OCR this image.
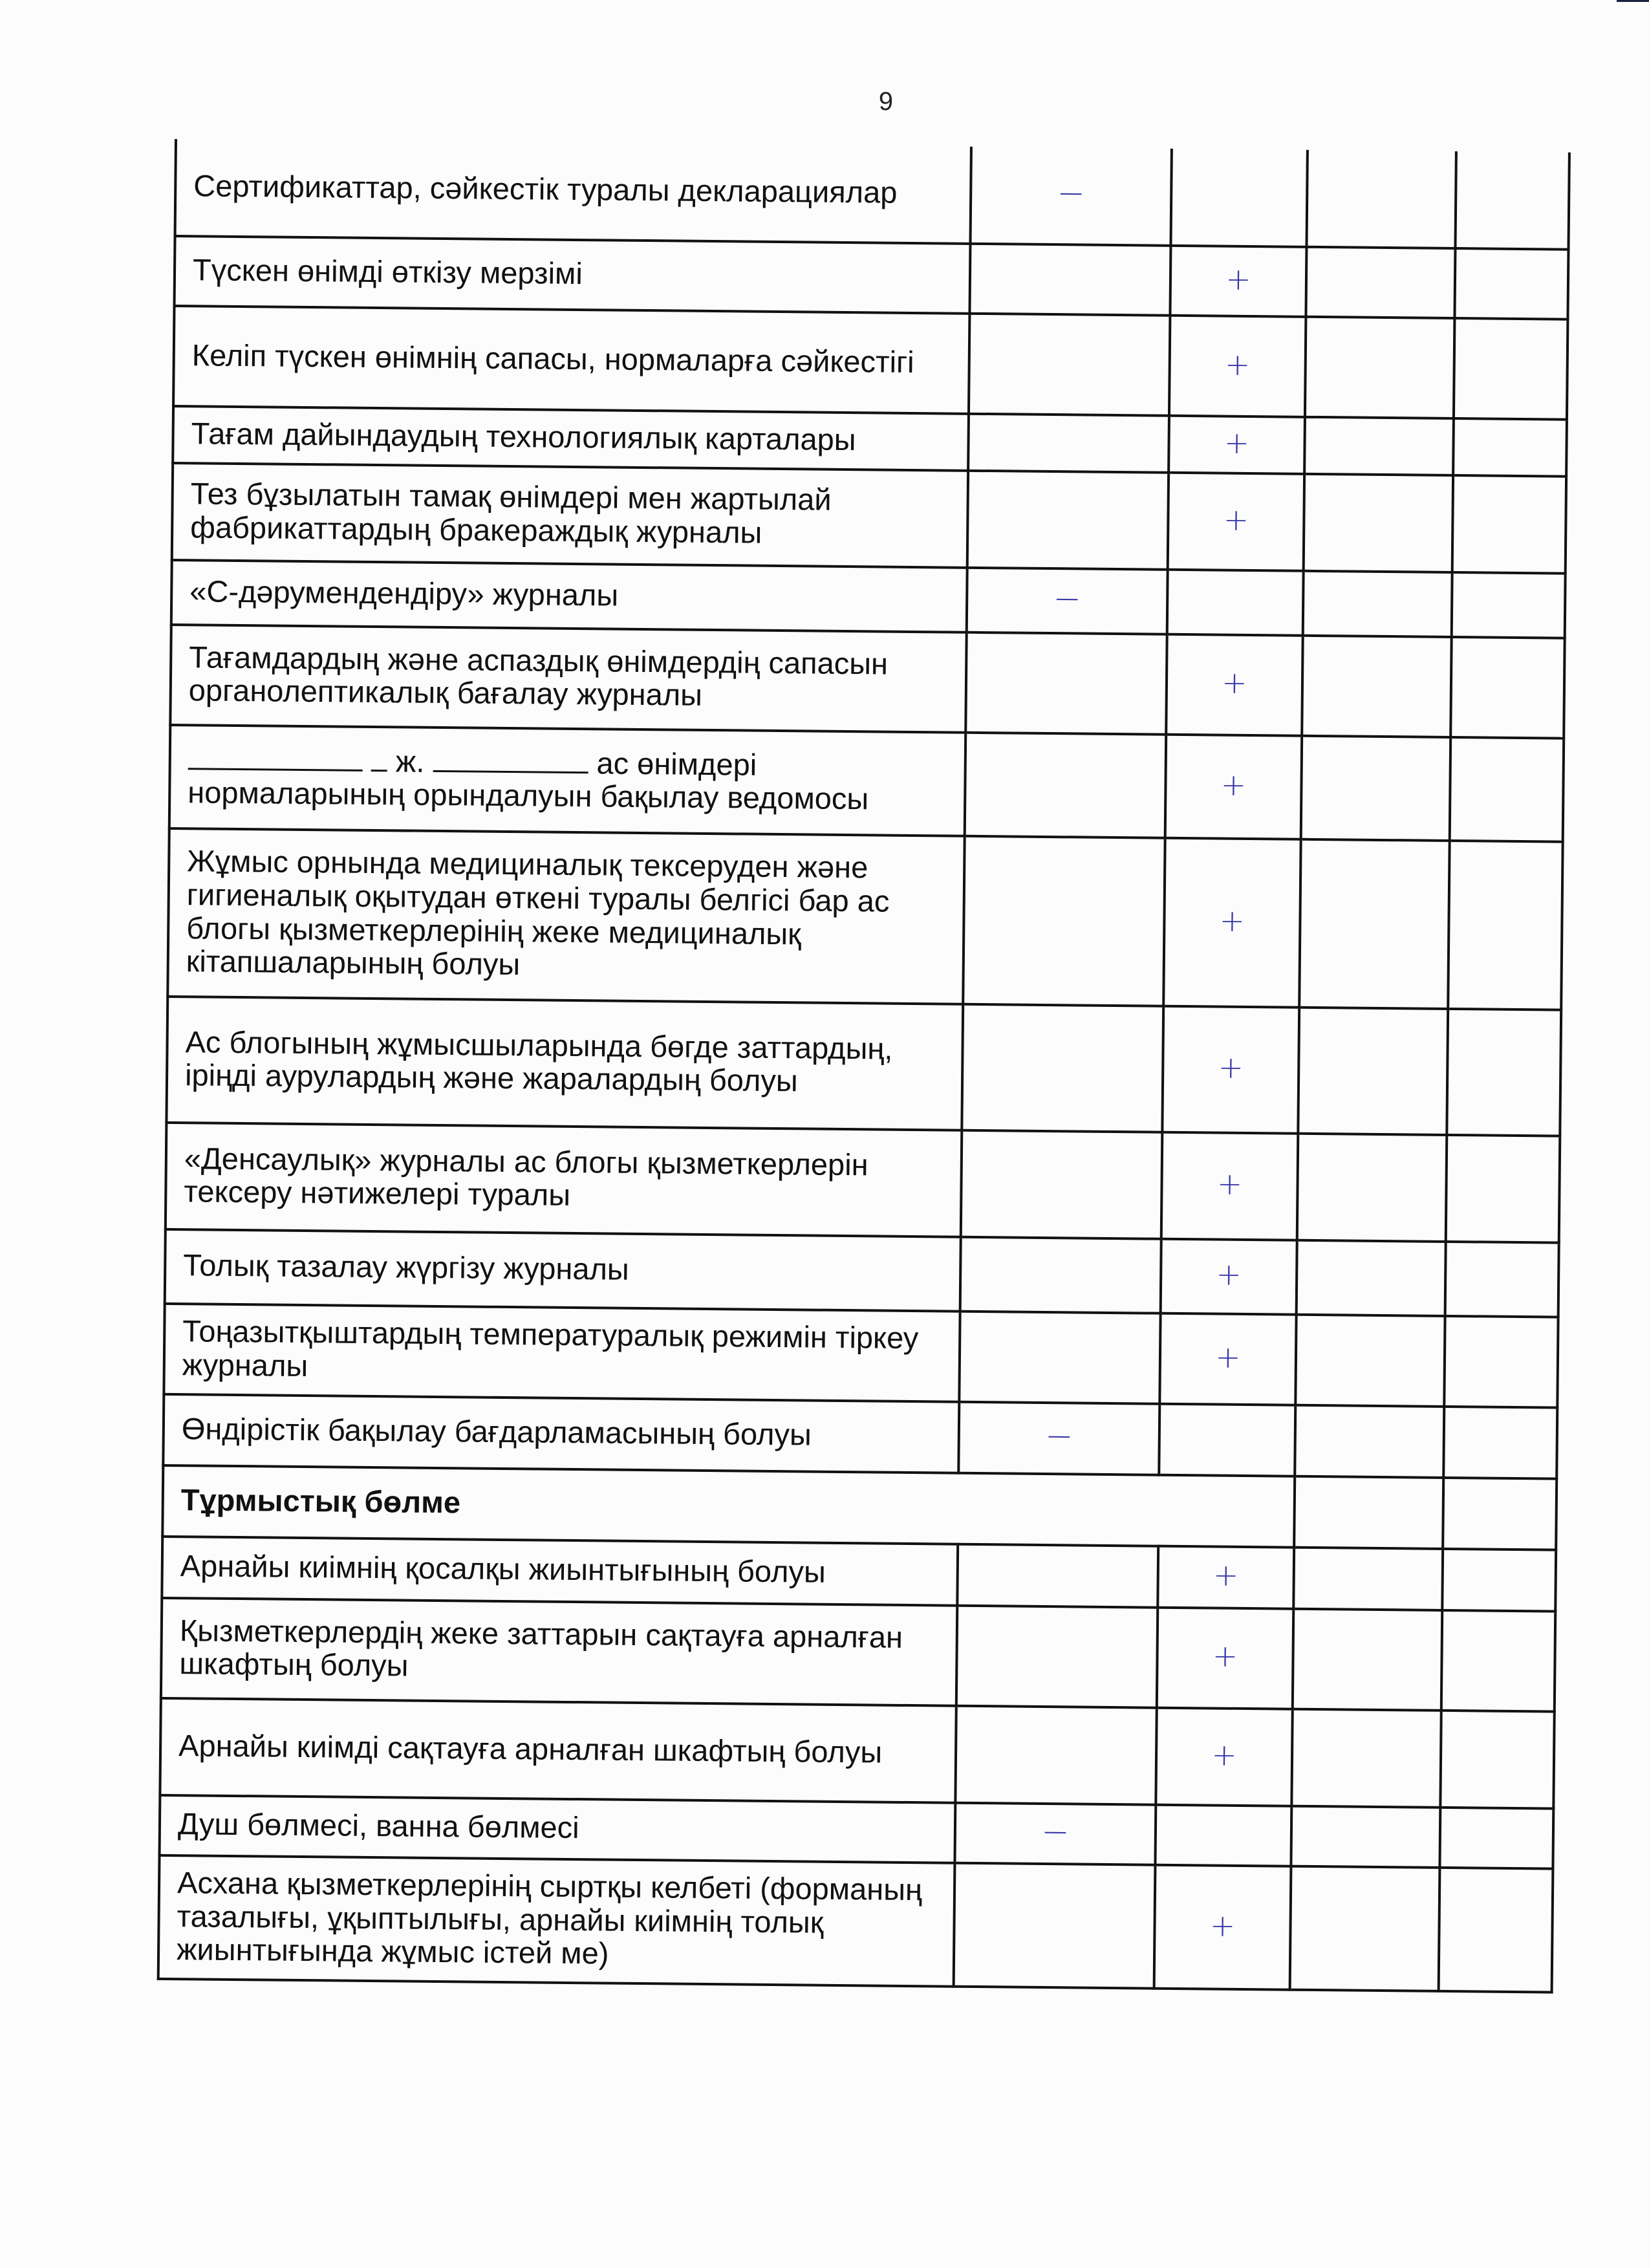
9
Сертификаттар, сәйкестік туралы декларациялар	−			
Түскен өнімді өткізу мерзімі		+		
Келіп түскен өнімнің сапасы, нормаларға сәйкестігі		+		
Тағам дайындаудың технологиялық карталары		+		
Тез бұзылатын тамақ өнімдері мен жартылай фабрикаттардың бракераждық журналы		+		
«С-дәрумендендіру» журналы	−			
Тағамдардың және аспаздық өнімдердің сапасын органолептикалық бағалау журналы		+		
ж. ас өнімдері
нормаларының орындалуын бақылау ведомосы		+		
Жұмыс орнында медициналық тексеруден және гигиеналық оқытудан өткені туралы белгісі бар ас блогы қызметкерлерінің жеке медициналық кітапшаларының болуы		+		
Ас блогының жұмысшыларында бөгде заттардың, іріңді аурулардың және жаралардың болуы		+		
«Денсаулық» журналы ас блогы қызметкерлерін тексеру нәтижелері туралы		+		
Толық тазалау жүргізу журналы		+		
Тоңазытқыштардың температуралық режимін тіркеу журналы		+		
Өндірістік бақылау бағдарламасының болуы	−			
Тұрмыстық бөлме				
Арнайы киімнің қосалқы жиынтығының болуы		+		
Қызметкерлердің жеке заттарын сақтауға арналған шкафтың болуы		+		
Арнайы киімді сақтауға арналған шкафтың болуы		+		
Душ бөлмесі, ванна бөлмесі	−			
Асхана қызметкерлерінің сыртқы келбеті (форманың тазалығы, ұқыптылығы, арнайы киімнің толық жиынтығында жұмыс істей ме)		+		
